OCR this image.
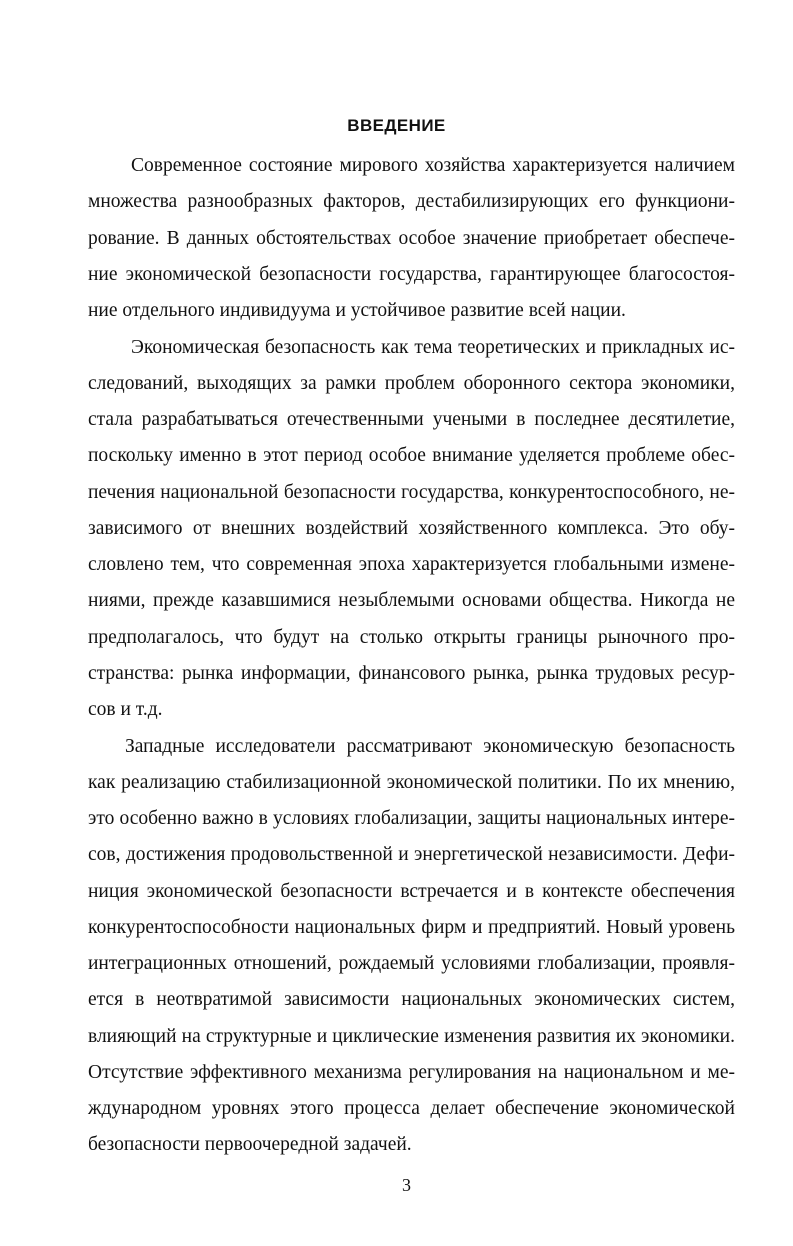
ВВЕДЕНИЕ
Современное состояние мирового хозяйства характеризуется наличием
множества разнообразных факторов, дестабилизирующих его функциони-
рование. В данных обстоятельствах особое значение приобретает обеспече-
ние экономической безопасности государства, гарантирующее благосостоя-
ние отдельного индивидуума и устойчивое развитие всей нации.
Экономическая безопасность как тема теоретических и прикладных ис-
следований, выходящих за рамки проблем оборонного сектора экономики,
стала разрабатываться отечественными учеными в последнее десятилетие,
поскольку именно в этот период особое внимание уделяется проблеме обес-
печения национальной безопасности государства, конкурентоспособного, не-
зависимого от внешних воздействий хозяйственного комплекса. Это обу-
словлено тем, что современная эпоха характеризуется глобальными измене-
ниями, прежде казавшимися незыблемыми основами общества. Никогда не
предполагалось, что будут на столько открыты границы рыночного про-
странства: рынка информации, финансового рынка, рынка трудовых ресур-
сов и т.д.
Западные исследователи рассматривают экономическую безопасность
как реализацию стабилизационной экономической политики. По их мнению,
это особенно важно в условиях глобализации, защиты национальных интере-
сов, достижения продовольственной и энергетической независимости. Дефи-
ниция экономической безопасности встречается и в контексте обеспечения
конкурентоспособности национальных фирм и предприятий. Новый уровень
интеграционных отношений, рождаемый условиями глобализации, проявля-
ется в неотвратимой зависимости национальных экономических систем,
влияющий на структурные и циклические изменения развития их экономики.
Отсутствие эффективного механизма регулирования на национальном и ме-
ждународном уровнях этого процесса делает обеспечение экономической
безопасности первоочередной задачей.
3
